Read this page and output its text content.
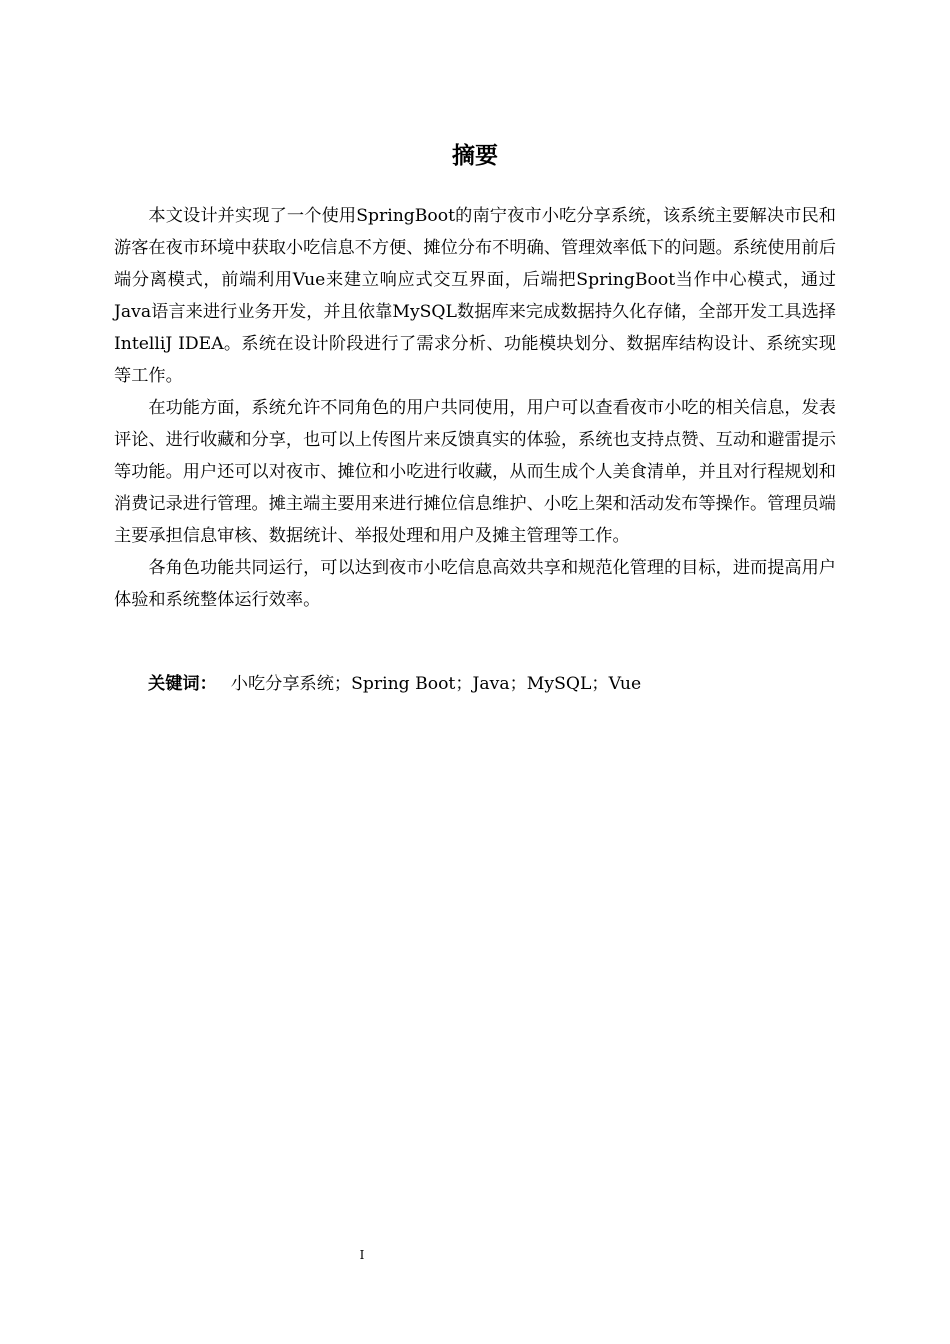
摘要

本文设计并实现了一个使用SpringBoot的南宁夜市小吃分享系统，该系统主要解决市民和游客在夜市环境中获取小吃信息不方便、摊位分布不明确、管理效率低下的问题。系统使用前后端分离模式，前端利用Vue来建立响应式交互界面，后端把SpringBoot当作中心模式，通过Java语言来进行业务开发，并且依靠MySQL数据库来完成数据持久化存储，全部开发工具选择IntelliJ IDEA。系统在设计阶段进行了需求分析、功能模块划分、数据库结构设计、系统实现等工作。

在功能方面，系统允许不同角色的用户共同使用，用户可以查看夜市小吃的相关信息，发表评论、进行收藏和分享，也可以上传图片来反馈真实的体验，系统也支持点赞、互动和避雷提示等功能。用户还可以对夜市、摊位和小吃进行收藏，从而生成个人美食清单，并且对行程规划和消费记录进行管理。摊主端主要用来进行摊位信息维护、小吃上架和活动发布等操作。管理员端主要承担信息审核、数据统计、举报处理和用户及摊主管理等工作。

各角色功能共同运行，可以达到夜市小吃信息高效共享和规范化管理的目标，进而提高用户体验和系统整体运行效率。

关键词： 小吃分享系统；Spring Boot；Java；MySQL；Vue
I
